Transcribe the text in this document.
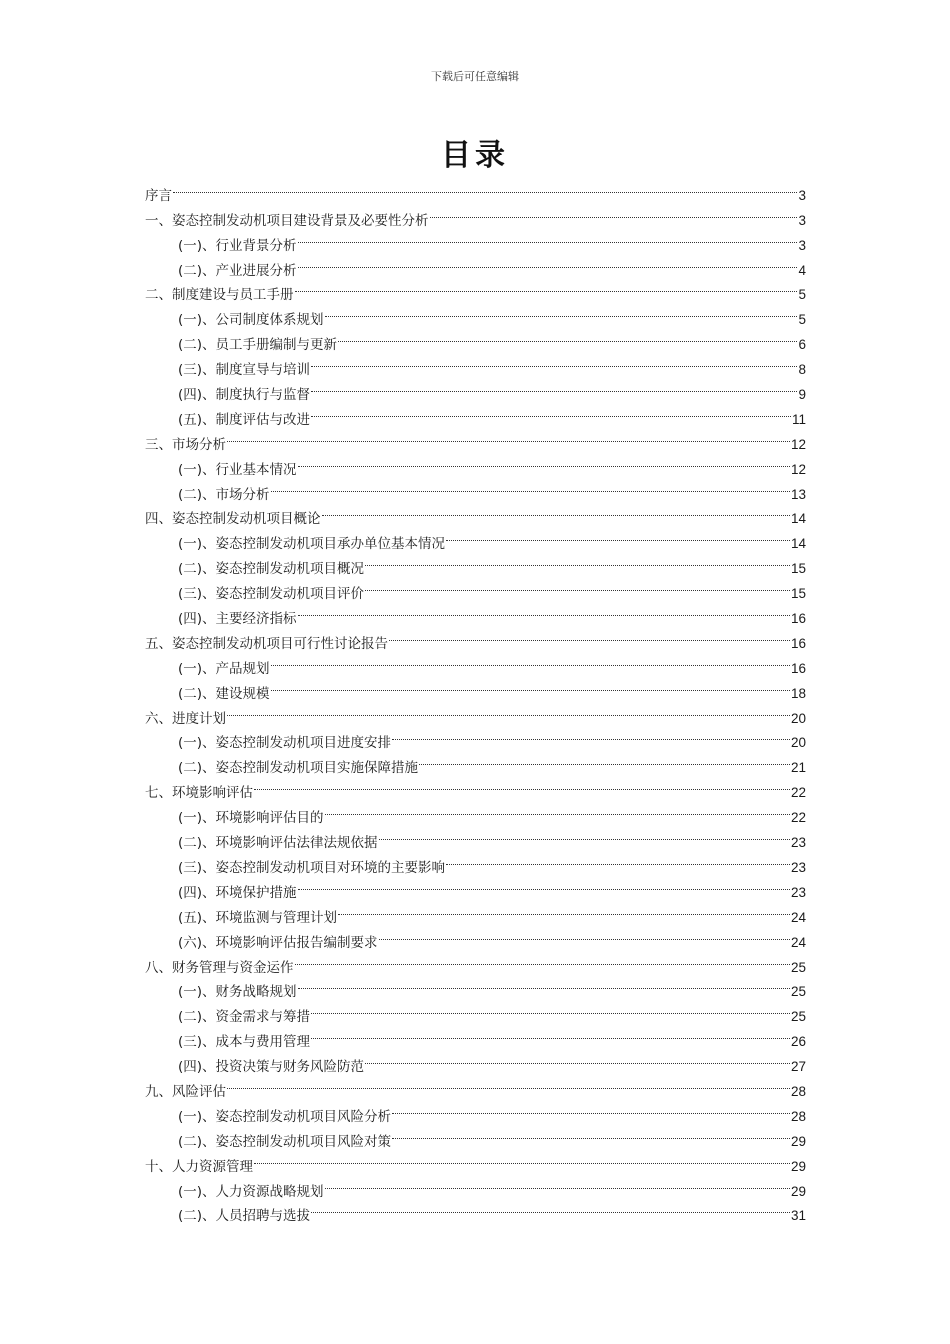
下载后可任意编辑
目录
序言	3
一、姿态控制发动机项目建设背景及必要性分析	3
(一)、行业背景分析	3
(二)、产业进展分析	4
二、制度建设与员工手册	5
(一)、公司制度体系规划	5
(二)、员工手册编制与更新	6
(三)、制度宣导与培训	8
(四)、制度执行与监督	9
(五)、制度评估与改进	11
三、市场分析	12
(一)、行业基本情况	12
(二)、市场分析	13
四、姿态控制发动机项目概论	14
(一)、姿态控制发动机项目承办单位基本情况	14
(二)、姿态控制发动机项目概况	15
(三)、姿态控制发动机项目评价	15
(四)、主要经济指标	16
五、姿态控制发动机项目可行性讨论报告	16
(一)、产品规划	16
(二)、建设规模	18
六、进度计划	20
(一)、姿态控制发动机项目进度安排	20
(二)、姿态控制发动机项目实施保障措施	21
七、环境影响评估	22
(一)、环境影响评估目的	22
(二)、环境影响评估法律法规依据	23
(三)、姿态控制发动机项目对环境的主要影响	23
(四)、环境保护措施	23
(五)、环境监测与管理计划	24
(六)、环境影响评估报告编制要求	24
八、财务管理与资金运作	25
(一)、财务战略规划	25
(二)、资金需求与筹措	25
(三)、成本与费用管理	26
(四)、投资决策与财务风险防范	27
九、风险评估	28
(一)、姿态控制发动机项目风险分析	28
(二)、姿态控制发动机项目风险对策	29
十、人力资源管理	29
(一)、人力资源战略规划	29
(二)、人员招聘与选拔	31
